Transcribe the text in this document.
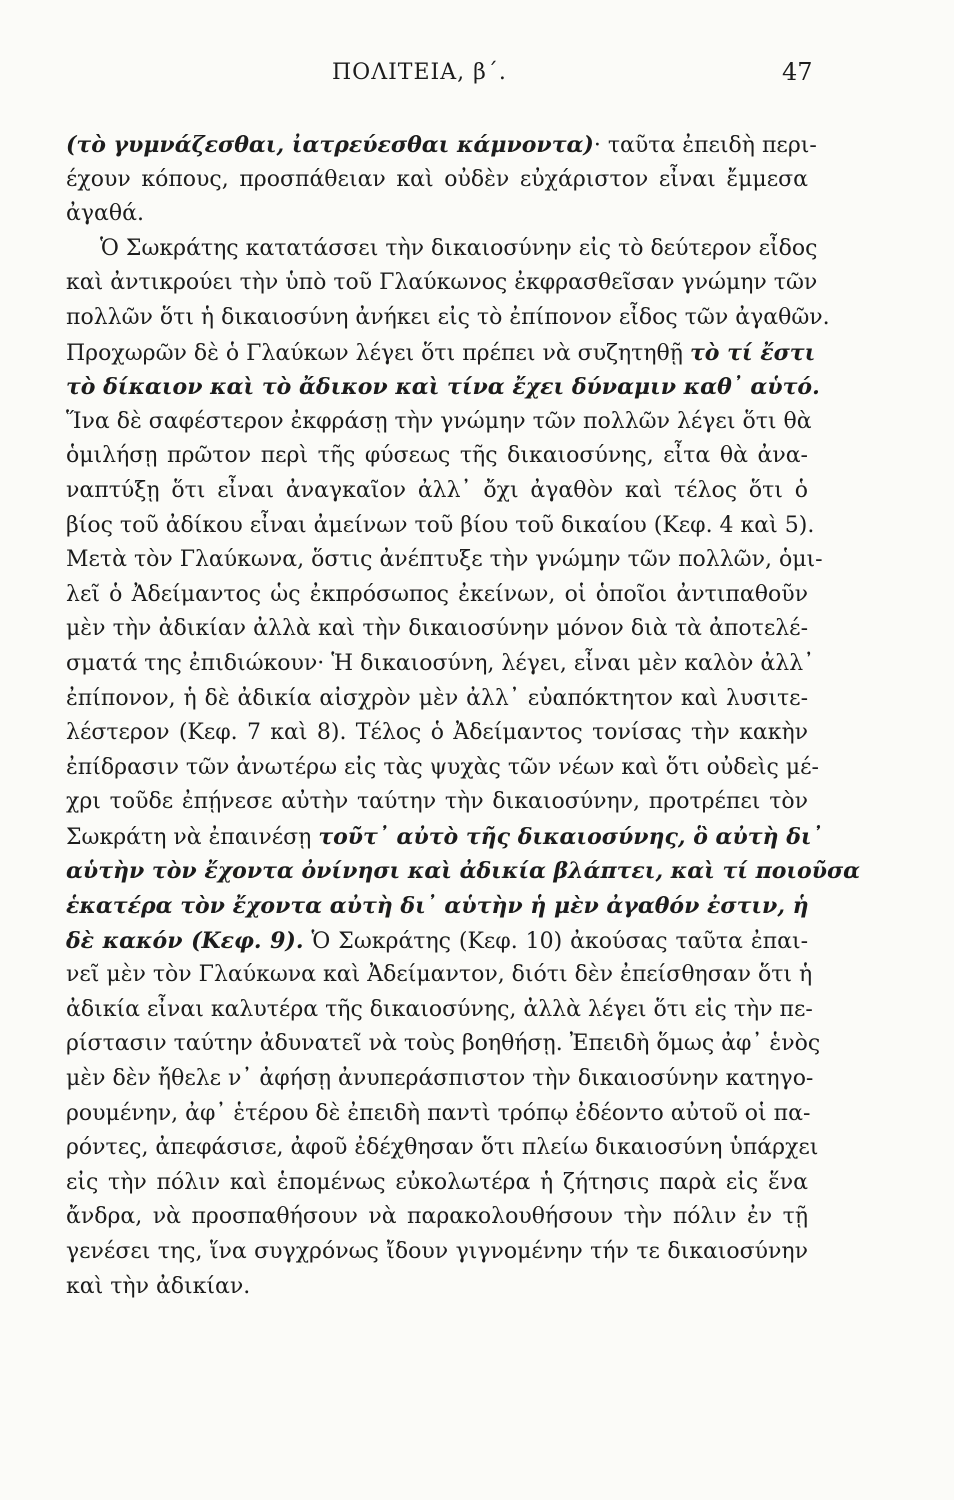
ΠΟΛΙΤΕΙΑ, β΄.	47
(τὸ γυμνάζεσθαι, ἰατρεύεσθαι κάμνοντα)· ταῦτα ἐπειδὴ περι-
έχουν κόπους, προσπάθειαν καὶ οὐδὲν εὐχάριστον εἶναι ἔμμεσα
ἀγαθά.
Ὁ Σωκράτης κατατάσσει τὴν δικαιοσύνην εἰς τὸ δεύτερον εἶδος
καὶ ἀντικρούει τὴν ὑπὸ τοῦ Γλαύκωνος ἐκφρασθεῖσαν γνώμην τῶν
πολλῶν ὅτι ἡ δικαιοσύνη ἀνήκει εἰς τὸ ἐπίπονον εἶδος τῶν ἀγαθῶν.
Προχωρῶν δὲ ὁ Γλαύκων λέγει ὅτι πρέπει νὰ συζητηθῇ τὸ τί ἔστι
τὸ δίκαιον καὶ τὸ ἄδικον καὶ τίνα ἔχει δύναμιν καθ᾽ αὑτό.
Ἵνα δὲ σαφέστερον ἐκφράσῃ τὴν γνώμην τῶν πολλῶν λέγει ὅτι θὰ
ὁμιλήσῃ πρῶτον περὶ τῆς φύσεως τῆς δικαιοσύνης, εἶτα θὰ ἀνα-
ναπτύξῃ ὅτι εἶναι ἀναγκαῖον ἀλλ᾽ ὄχι ἀγαθὸν καὶ τέλος ὅτι ὁ
βίος τοῦ ἀδίκου εἶναι ἀμείνων τοῦ βίου τοῦ δικαίου (Κεφ. 4 καὶ 5).
Μετὰ τὸν Γλαύκωνα, ὅστις ἀνέπτυξε τὴν γνώμην τῶν πολλῶν, ὁμι-
λεῖ ὁ Ἀδείμαντος ὡς ἐκπρόσωπος ἐκείνων, οἱ ὁποῖοι ἀντιπαθοῦν
μὲν τὴν ἀδικίαν ἀλλὰ καὶ τὴν δικαιοσύνην μόνον διὰ τὰ ἀποτελέ-
σματά της ἐπιδιώκουν· Ἡ δικαιοσύνη, λέγει, εἶναι μὲν καλὸν ἀλλ᾽
ἐπίπονον, ἡ δὲ ἀδικία αἰσχρὸν μὲν ἀλλ᾽ εὐαπόκτητον καὶ λυσιτε-
λέστερον (Κεφ. 7 καὶ 8). Τέλος ὁ Ἀδείμαντος τονίσας τὴν κακὴν
ἐπίδρασιν τῶν ἀνωτέρω εἰς τὰς ψυχὰς τῶν νέων καὶ ὅτι οὐδεὶς μέ-
χρι τοῦδε ἐπῄνεσε αὐτὴν ταύτην τὴν δικαιοσύνην, προτρέπει τὸν
Σωκράτη νὰ ἐπαινέσῃ τοῦτ᾽ αὐτὸ τῆς δικαιοσύνης, ὃ αὐτὴ δι᾽
αὑτὴν τὸν ἔχοντα ὀνίνησι καὶ ἀδικία βλάπτει, καὶ τί ποιοῦσα
ἑκατέρα τὸν ἔχοντα αὐτὴ δι᾽ αὑτὴν ἡ μὲν ἀγαθόν ἐστιν, ἡ
δὲ κακόν (Κεφ. 9). Ὁ Σωκράτης (Κεφ. 10) ἀκούσας ταῦτα ἐπαι-
νεῖ μὲν τὸν Γλαύκωνα καὶ Ἀδείμαντον, διότι δὲν ἐπείσθησαν ὅτι ἡ
ἀδικία εἶναι καλυτέρα τῆς δικαιοσύνης, ἀλλὰ λέγει ὅτι εἰς τὴν πε-
ρίστασιν ταύτην ἀδυνατεῖ νὰ τοὺς βοηθήσῃ. Ἐπειδὴ ὅμως ἀφ᾽ ἑνὸς
μὲν δὲν ἤθελε ν᾽ ἀφήσῃ ἀνυπεράσπιστον τὴν δικαιοσύνην κατηγο-
ρουμένην, ἀφ᾽ ἑτέρου δὲ ἐπειδὴ παντὶ τρόπῳ ἐδέοντο αὐτοῦ οἱ πα-
ρόντες, ἀπεφάσισε, ἀφοῦ ἐδέχθησαν ὅτι πλείω δικαιοσύνη ὑπάρχει
εἰς τὴν πόλιν καὶ ἑπομένως εὐκολωτέρα ἡ ζήτησις παρὰ εἰς ἕνα
ἄνδρα, νὰ προσπαθήσουν νὰ παρακολουθήσουν τὴν πόλιν ἐν τῇ
γενέσει της, ἵνα συγχρόνως ἴδουν γιγνομένην τήν τε δικαιοσύνην
καὶ τὴν ἀδικίαν.
